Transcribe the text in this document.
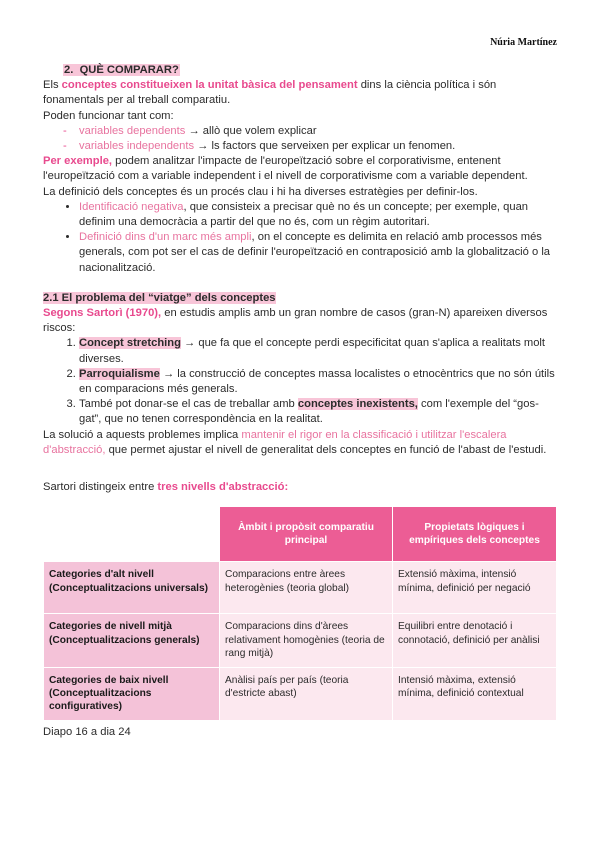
Núria Martínez

2. QUÈ COMPARAR?

Els conceptes constitueixen la unitat bàsica del pensament dins la ciència política i són fonamentals per al treball comparatiu.

Poden funcionar tant com:

- variables dependents → allò que volem explicar
- variables independents → ls factors que serveixen per explicar un fenomen.

Per exemple, podem analitzar l'impacte de l'europeïtzació sobre el corporativisme, entenent l'europeïtzació com a variable independent i el nivell de corporativisme com a variable dependent.

La definició dels conceptes és un procés clau i hi ha diverses estratègies per definir-los.

• Identificació negativa, que consisteix a precisar què no és un concepte; per exemple, quan definim una democràcia a partir del que no és, com un règim autoritari.
• Definició dins d'un marc més ampli, on el concepte es delimita en relació amb processos més generals, com pot ser el cas de definir l'europeïtzació en contraposició amb la globalització o la nacionalització.

2.1 El problema del “viatge” dels conceptes

Segons Sartorì (1970), en estudis amplis amb un gran nombre de casos (gran-N) apareixen diversos riscos:

1. Concept stretching → que fa que el concepte perdi especificitat quan s'aplica a realitats molt diverses.
2. Parroquialisme → la construcció de conceptes massa localistes o etnocèntrics que no són útils en comparacions més generals.
3. També pot donar-se el cas de treballar amb conceptes inexistents, com l'exemple del “gos-gat”, que no tenen correspondència en la realitat.

La solució a aquests problemes implica mantenir el rigor en la classificació i utilitzar l'escalera d'abstracció, que permet ajustar el nivell de generalitat dels conceptes en funció de l'abast de l'estudi.

Sartori distingeix entre tres nivells d'abstracció:

	Àmbit i propòsit comparatiu principal	Propietats lògiques i empíriques dels conceptes
Categories d'alt nivell (Conceptualitzacions universals)	Comparacions entre àrees heterogènies (teoria global)	Extensió màxima, intensió mínima, definició per negació
Categories de nivell mitjà (Conceptualitzacions generals)	Comparacions dins d'àrees relativament homogènies (teoria de rang mitjà)	Equilibri entre denotació i connotació, definició per anàlisi
Categories de baix nivell (Conceptualitzacions configuratives)	Anàlisi país per país (teoria d'estricte abast)	Intensió màxima, extensió mínima, definició contextual

Diapo 16 a dia 24
